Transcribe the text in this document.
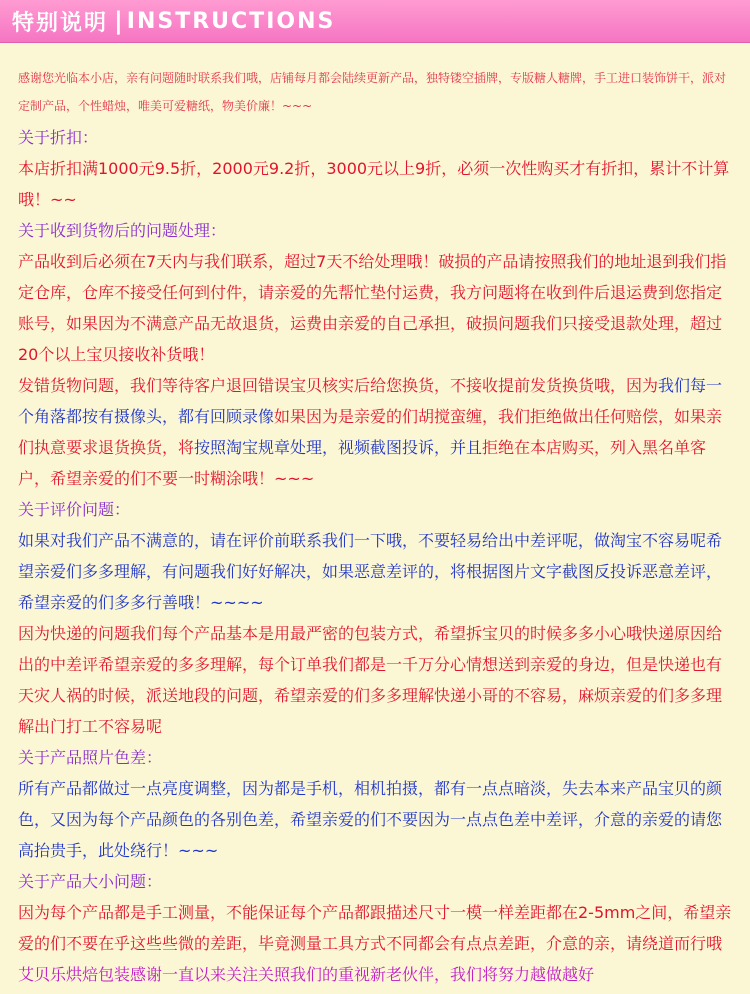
特别说明 | INSTRUCTIONS

感谢您光临本小店，亲有问题随时联系我们哦，店铺每月都会陆续更新产品，独特镂空插牌，专版糖人糖牌，手工进口装饰饼干，派对定制产品，个性蜡烛，唯美可爱糖纸，物美价廉！~~~

关于折扣：

本店折扣满1000元9.5折，2000元9.2折，3000元以上9折，必须一次性购买才有折扣，累计不计算哦！~~

关于收到货物后的问题处理：

产品收到后必须在7天内与我们联系，超过7天不给处理哦！破损的产品请按照我们的地址退到我们指定仓库，仓库不接受任何到付件，请亲爱的先帮忙垫付运费，我方问题将在收到件后退运费到您指定账号，如果因为不满意产品无故退货，运费由亲爱的自己承担，破损问题我们只接受退款处理，超过20个以上宝贝接收补货哦！

发错货物问题，我们等待客户退回错误宝贝核实后给您换货，不接收提前发货换货哦，因为我们每一个角落都按有摄像头，都有回顾录像如果因为是亲爱的们胡搅蛮缠，我们拒绝做出任何赔偿，如果亲们执意要求退货换货，将按照淘宝规章处理，视频截图投诉，并且拒绝在本店购买，列入黑名单客户，希望亲爱的们不要一时糊涂哦！~~~

关于评价问题：

如果对我们产品不满意的，请在评价前联系我们一下哦，不要轻易给出中差评呢，做淘宝不容易呢希望亲爱们多多理解，有问题我们好好解决，如果恶意差评的，将根据图片文字截图反投诉恶意差评，希望亲爱的们多多行善哦！~~~~

因为快递的问题我们每个产品基本是用最严密的包装方式，希望拆宝贝的时候多多小心哦快递原因给出的中差评希望亲爱的多多理解，每个订单我们都是一千万分心情想送到亲爱的身边，但是快递也有天灾人祸的时候，派送地段的问题，希望亲爱的们多多理解快递小哥的不容易，麻烦亲爱的们多多理解出门打工不容易呢

关于产品照片色差：

所有产品都做过一点亮度调整，因为都是手机，相机拍摄，都有一点点暗淡，失去本来产品宝贝的颜色，又因为每个产品颜色的各别色差，希望亲爱的们不要因为一点点色差中差评，介意的亲爱的请您高抬贵手，此处绕行！~~~

关于产品大小问题：

因为每个产品都是手工测量，不能保证每个产品都跟描述尺寸一模一样差距都在2-5mm之间，希望亲爱的们不要在乎这些些微的差距，毕竟测量工具方式不同都会有点点差距，介意的亲，请绕道而行哦

艾贝乐烘焙包装感谢一直以来关注关照我们的重视新老伙伴，我们将努力越做越好
